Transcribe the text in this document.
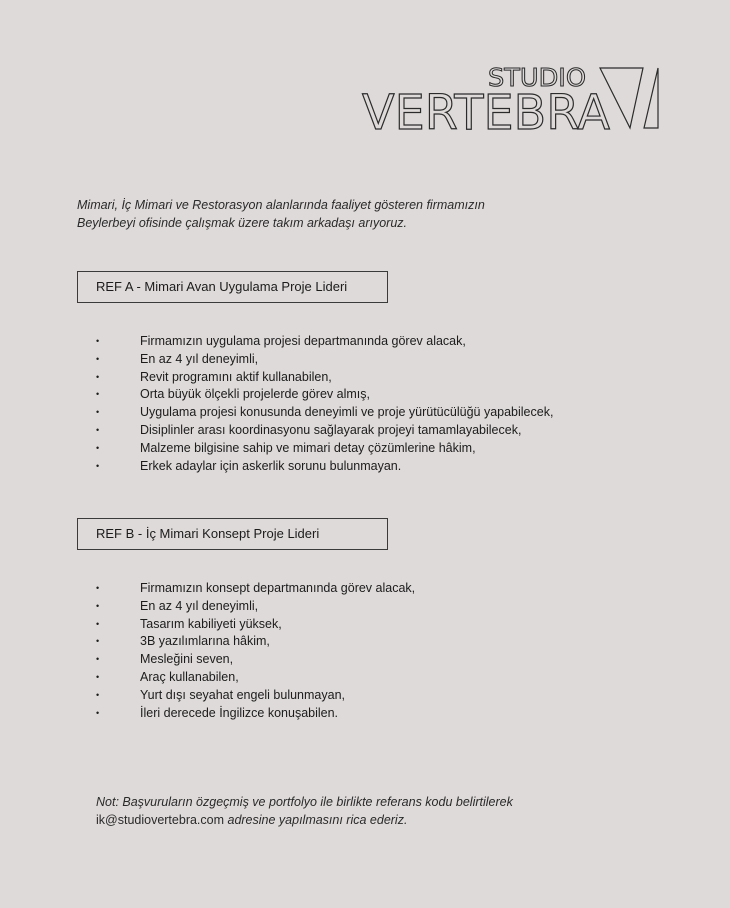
STUDIO
VERTEBRA

Mimari, İç Mimari ve Restorasyon alanlarında faaliyet gösteren firmamızın

Beylerbeyi ofisinde çalışmak üzere takım arkadaşı arıyoruz.

REF A - Mimari Avan Uygulama Proje Lideri
•	Firmamızın uygulama projesi departmanında görev alacak,
•	En az 4 yıl deneyimli,
•	Revit programını aktif kullanabilen,
•	Orta büyük ölçekli projelerde görev almış,
•	Uygulama projesi konusunda deneyimli ve proje yürütücülüğü yapabilecek,
•	Disiplinler arası koordinasyonu sağlayarak projeyi tamamlayabilecek,
•	Malzeme bilgisine sahip ve mimari detay çözümlerine hâkim,
•	Erkek adaylar için askerlik sorunu bulunmayan.
REF B - İç Mimari Konsept Proje Lideri
•	Firmamızın konsept departmanında görev alacak,
•	En az 4 yıl deneyimli,
•	Tasarım kabiliyeti yüksek,
•	3B yazılımlarına hâkim,
•	Mesleğini seven,
•	Araç kullanabilen,
•	Yurt dışı seyahat engeli bulunmayan,
•	İleri derecede İngilizce konuşabilen.

Not: Başvuruların özgeçmiş ve portfolyo ile birlikte referans kodu belirtilerek

ik@studiovertebra.com adresine yapılmasını rica ederiz.
